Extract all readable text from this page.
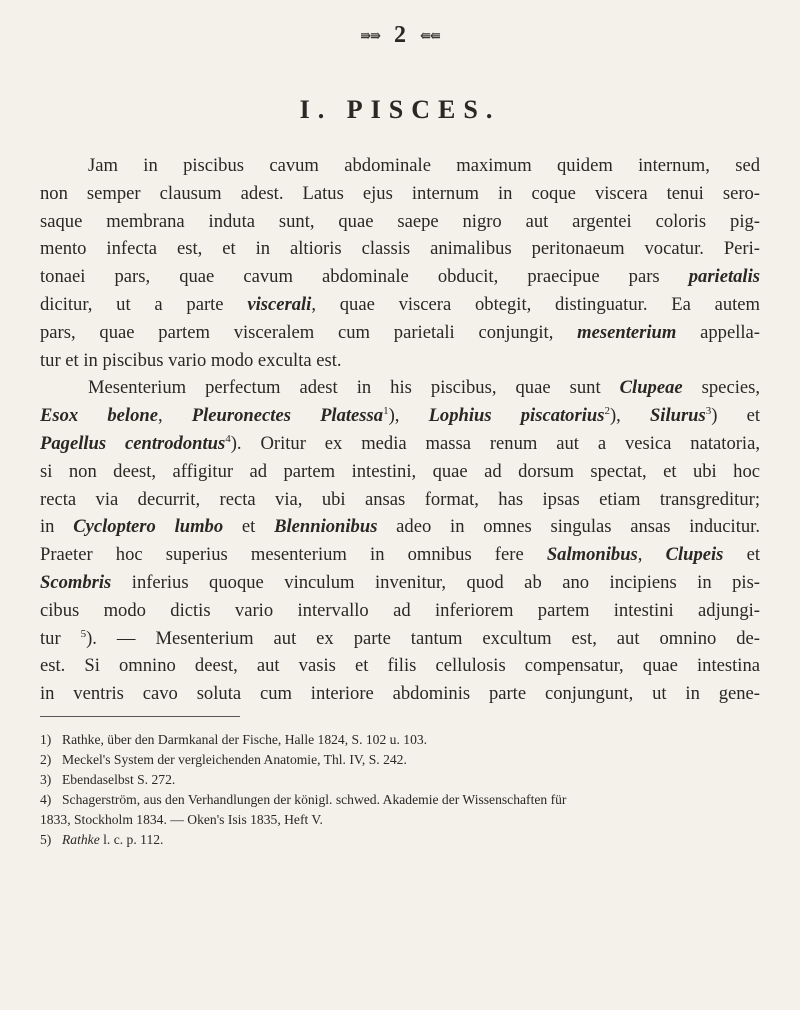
⇛⇛ 2 ⇚⇚
I. PISCES.
Jam in piscibus cavum abdominale maximum quidem internum, sed
non semper clausum adest. Latus ejus internum in coque viscera tenui sero-
saque membrana induta sunt, quae saepe nigro aut argentei coloris pig-
mento infecta est, et in altioris classis animalibus peritonaeum vocatur. Peri-
tonaei pars, quae cavum abdominale obducit, praecipue pars parietalis
dicitur, ut a parte viscerali, quae viscera obtegit, distinguatur. Ea autem
pars, quae partem visceralem cum parietali conjungit, mesenterium appella-
tur et in piscibus vario modo exculta est.
Mesenterium perfectum adest in his piscibus, quae sunt Clupeae species,
Esox belone, Pleuronectes Platessa$^1$), Lophius piscatorius$^2$), Silurus$^3$) et
Pagellus centrodontus$^4$). Oritur ex media massa renum aut a vesica natatoria,
si non deest, affigitur ad partem intestini, quae ad dorsum spectat, et ubi hoc
recta via decurrit, recta via, ubi ansas format, has ipsas etiam transgreditur;
in Cycloptero lumbo et Blennionibus adeo in omnes singulas ansas inducitur.
Praeter hoc superius mesenterium in omnibus fere Salmonibus, Clupeis et
Scombris inferius quoque vinculum invenitur, quod ab ano incipiens in pis-
cibus modo dictis vario intervallo ad inferiorem partem intestini adjungi-
tur $^5$). — Mesenterium aut ex parte tantum excultum est, aut omnino de-
est. Si omnino deest, aut vasis et filis cellulosis compensatur, quae intestina
in ventris cavo soluta cum interiore abdominis parte conjungunt, ut in gene-
1) Rathke, über den Darmkanal der Fische, Halle 1824, S. 102 u. 103.
2) Meckel's System der vergleichenden Anatomie, Thl. IV, S. 242.
3) Ebendaselbst S. 272.
4) Schagerström, aus den Verhandlungen der königl. schwed. Akademie der Wissenschaften für
1833, Stockholm 1834. — Oken's Isis 1835, Heft V.
5) Rathke l. c. p. 112.
